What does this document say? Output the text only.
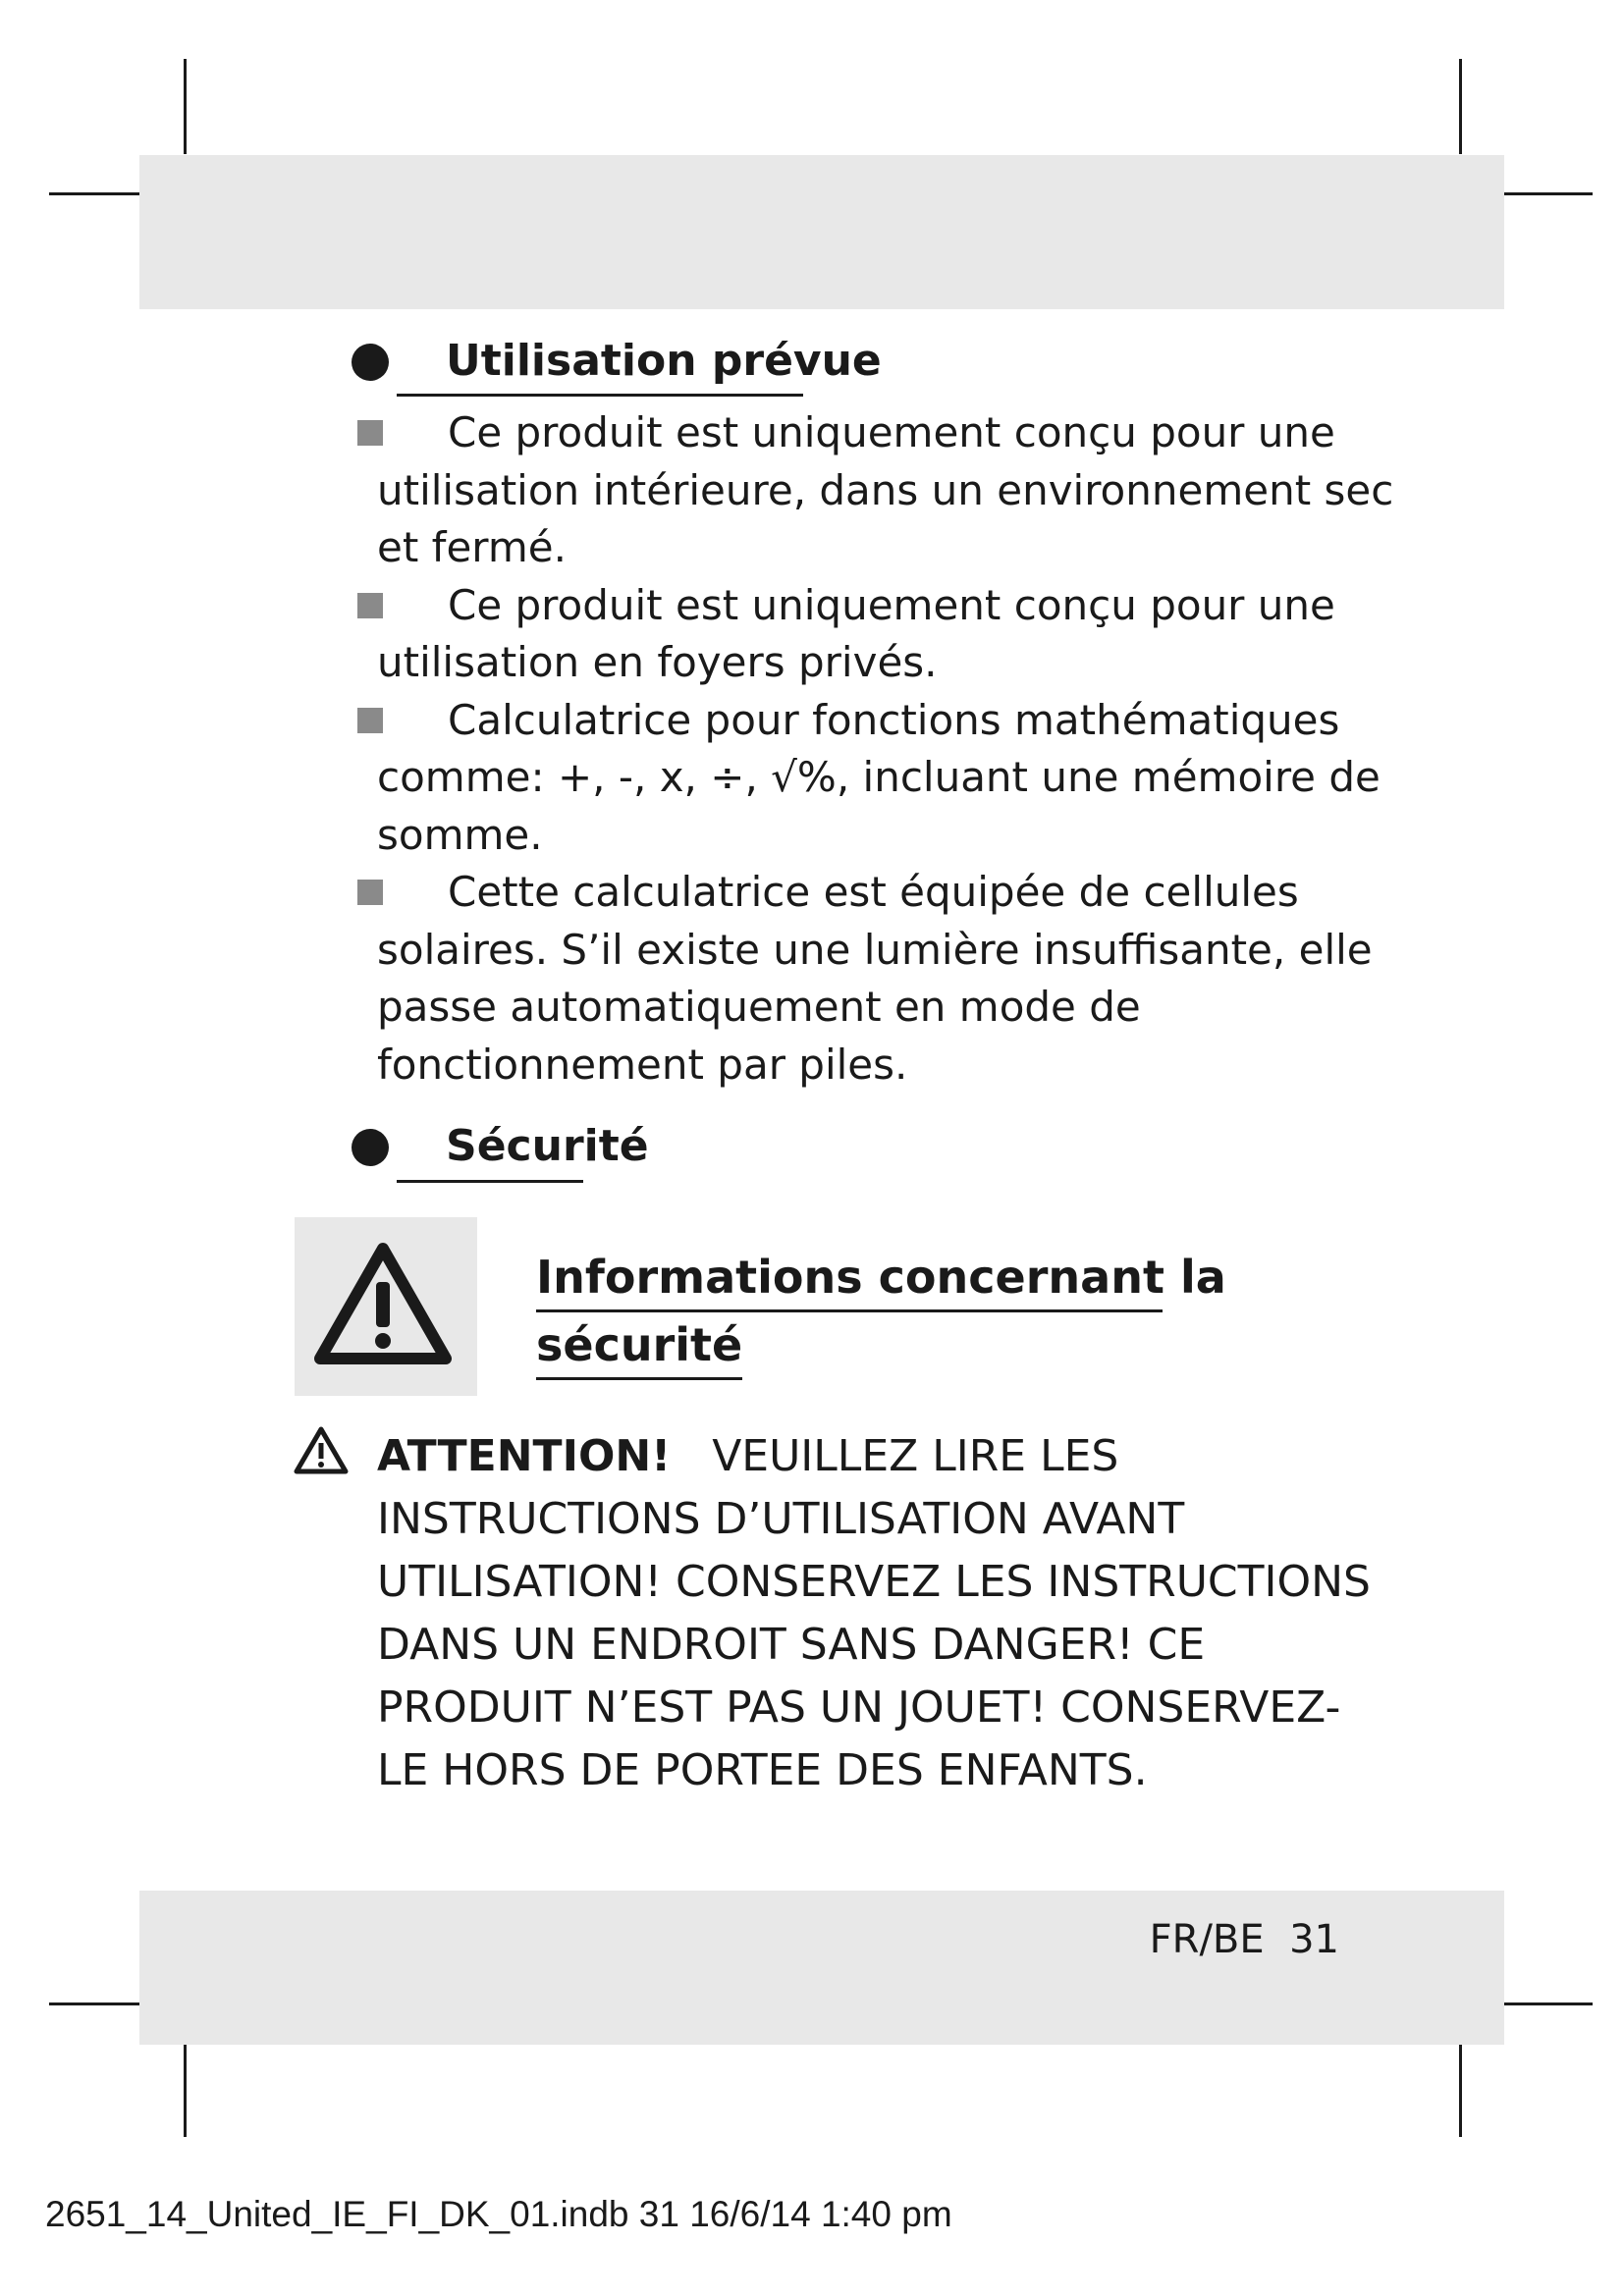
Utilisation prévue
Ce produit est uniquement conçu pour une utilisation intérieure, dans un environnement sec et fermé.
Ce produit est uniquement conçu pour une utilisation en foyers privés.
Calculatrice pour fonctions mathématiques comme: +, -, x, ÷, √%, incluant une mémoire de somme.
Cette calculatrice est équipée de cellules solaires. S’il existe une lumière insuffisante, elle passe automatiquement en mode de fonctionnement par piles.
Sécurité
Informations concernant la
sécurité
ATTENTION! VEUILLEZ LIRE LES INSTRUCTIONS D’UTILISATION AVANT UTILISATION! CONSERVEZ LES INSTRUCTIONS DANS UN ENDROIT SANS DANGER! CE PRODUIT N’EST PAS UN JOUET! CONSERVEZ-LE HORS DE PORTEE DES ENFANTS.
FR/BE 31
2651_14_United_IE_FI_DK_01.indb 31 16/6/14 1:40 pm
